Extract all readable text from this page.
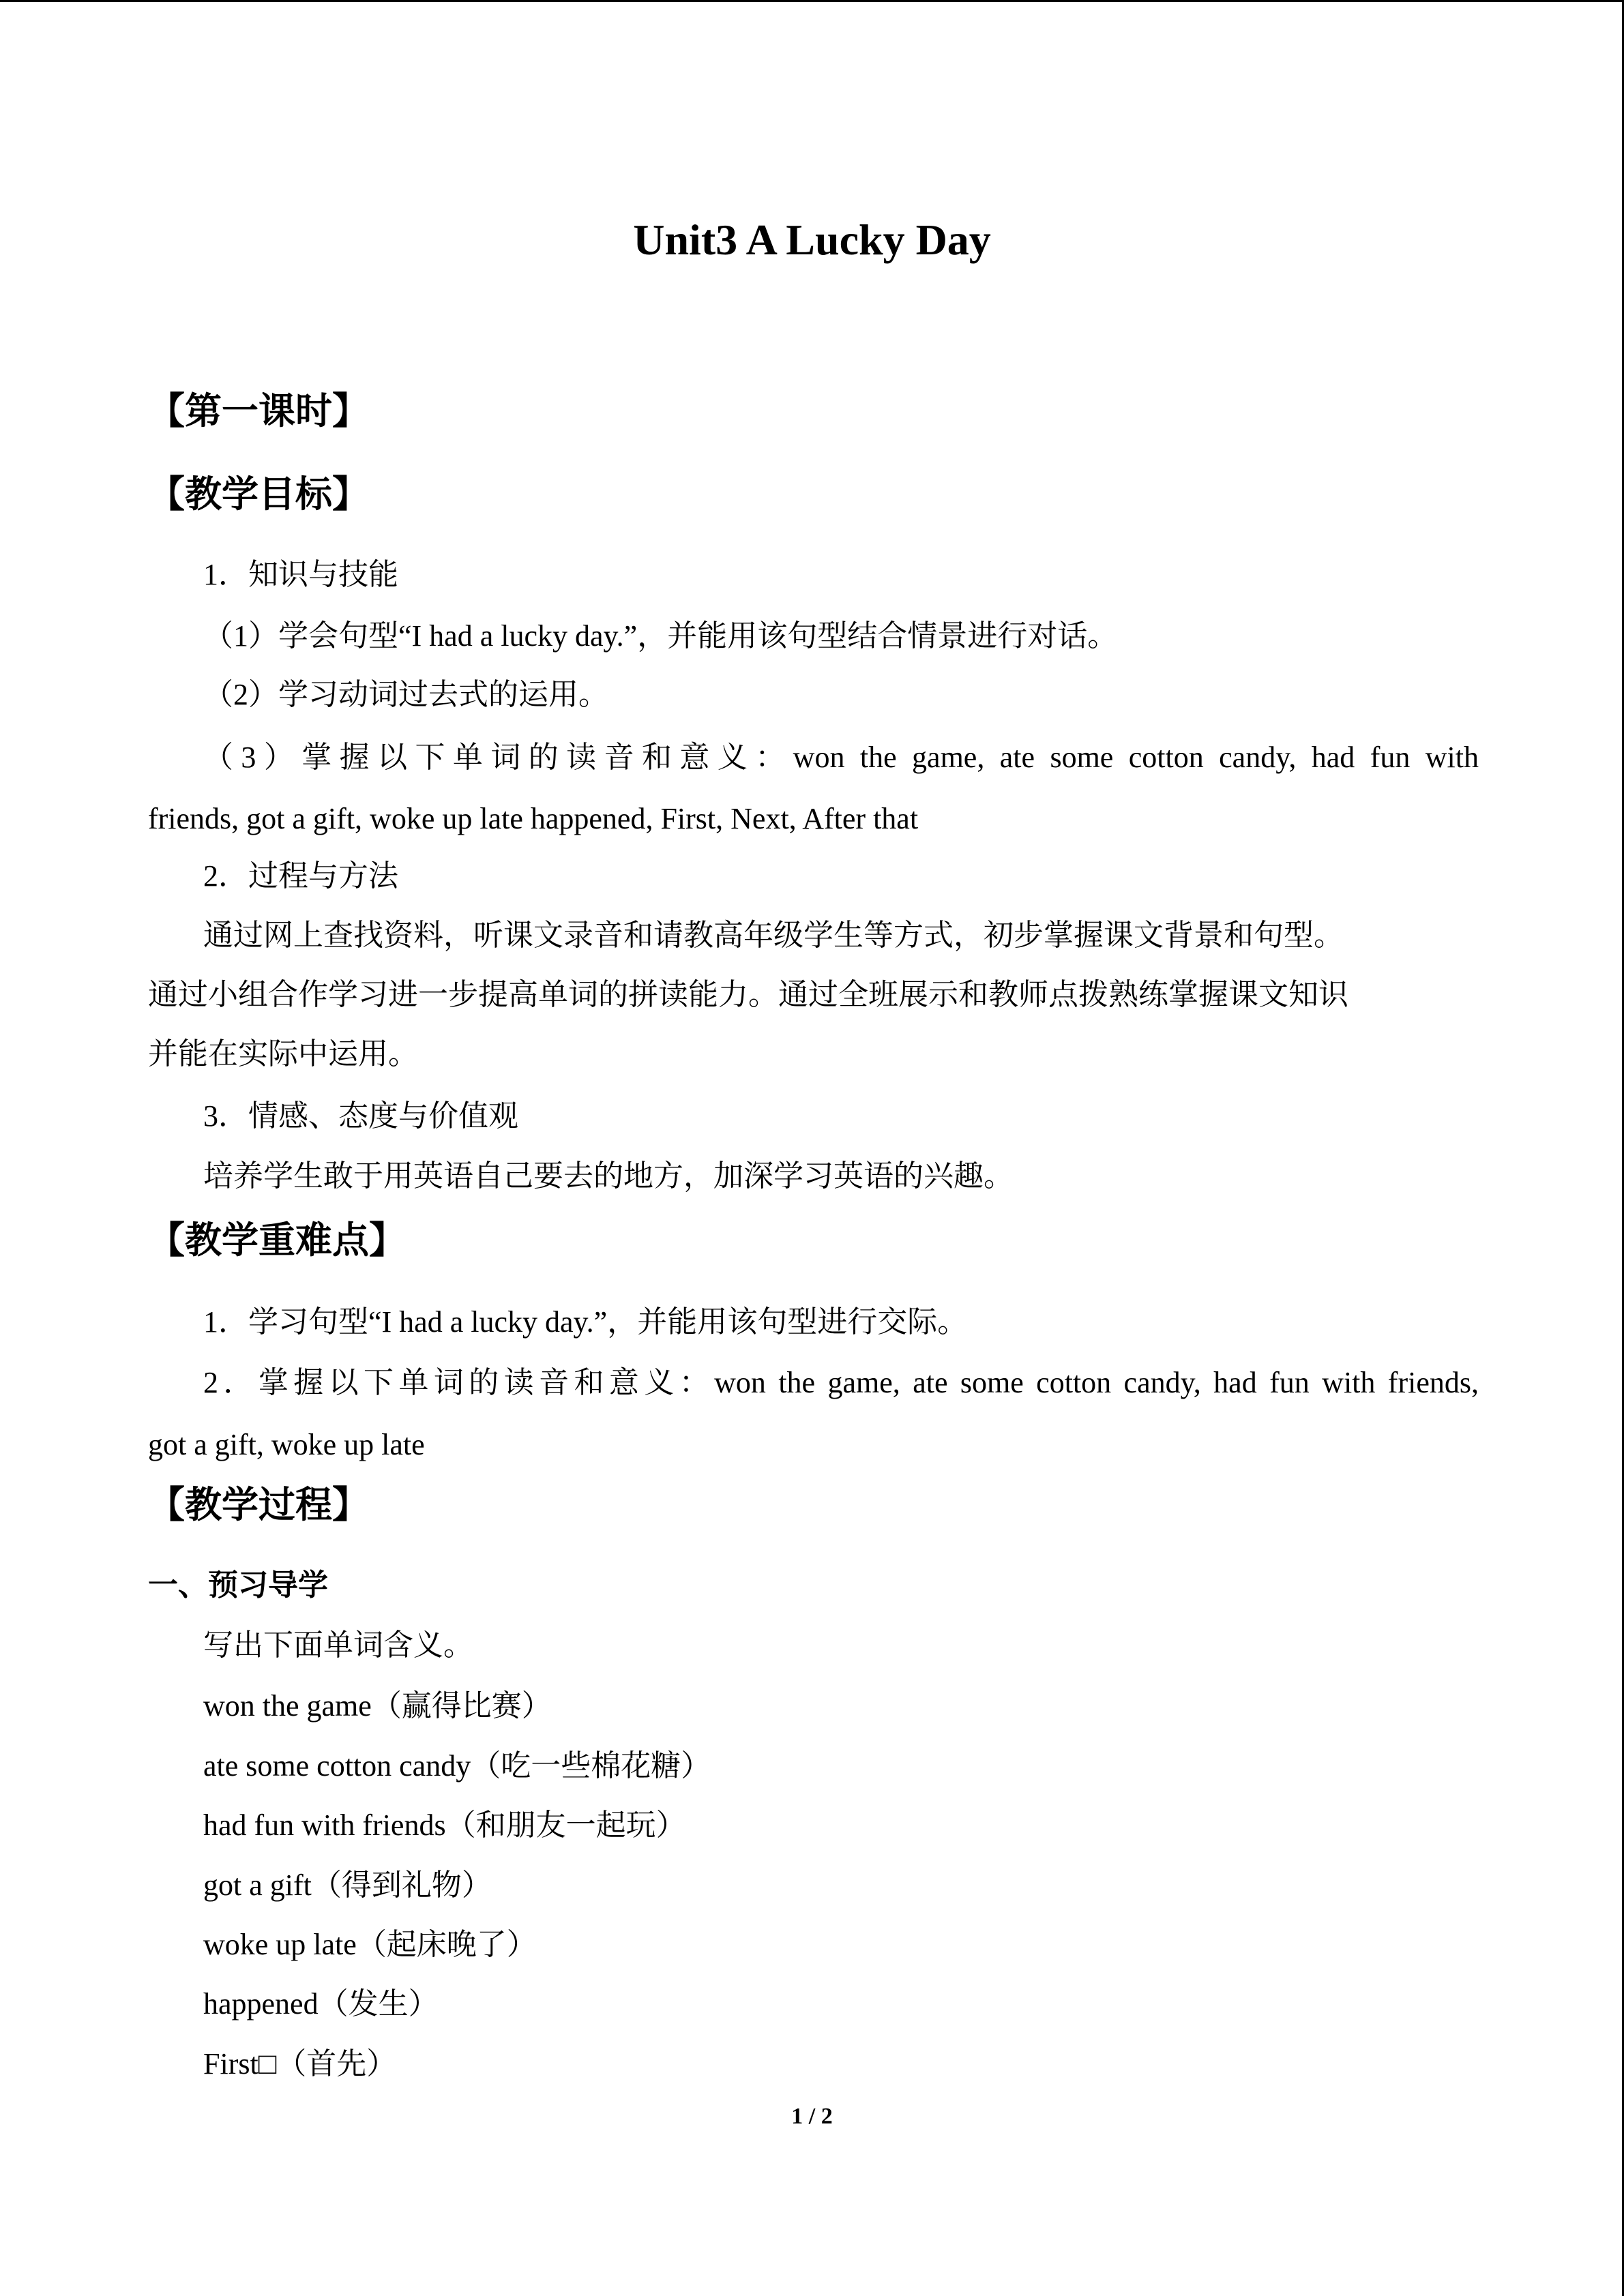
Unit3 A Lucky Day
【第一课时】
【教学目标】
1．知识与技能
（1）学会句型“I had a lucky day.”，并能用该句型结合情景进行对话。
（2）学习动词过去式的运用。
（3）掌握以下单词的读音和意义：won the game, ate some cotton candy, had fun with
friends, got a gift, woke up late happened, First, Next, After that
2．过程与方法
通过网上查找资料，听课文录音和请教高年级学生等方式，初步掌握课文背景和句型。
通过小组合作学习进一步提高单词的拼读能力。通过全班展示和教师点拨熟练掌握课文知识
并能在实际中运用。
3．情感、态度与价值观
培养学生敢于用英语自己要去的地方，加深学习英语的兴趣。
【教学重难点】
1．学习句型“I had a lucky day.”，并能用该句型进行交际。
2．掌握以下单词的读音和意义：won the game, ate some cotton candy, had fun with friends,
got a gift, woke up late
【教学过程】
一、预习导学
写出下面单词含义。
won the game（赢得比赛）
ate some cotton candy（吃一些棉花糖）
had fun with friends（和朋友一起玩）
got a gift（得到礼物）
woke up late（起床晚了）
happened（发生）
First□（首先）
1 / 2
